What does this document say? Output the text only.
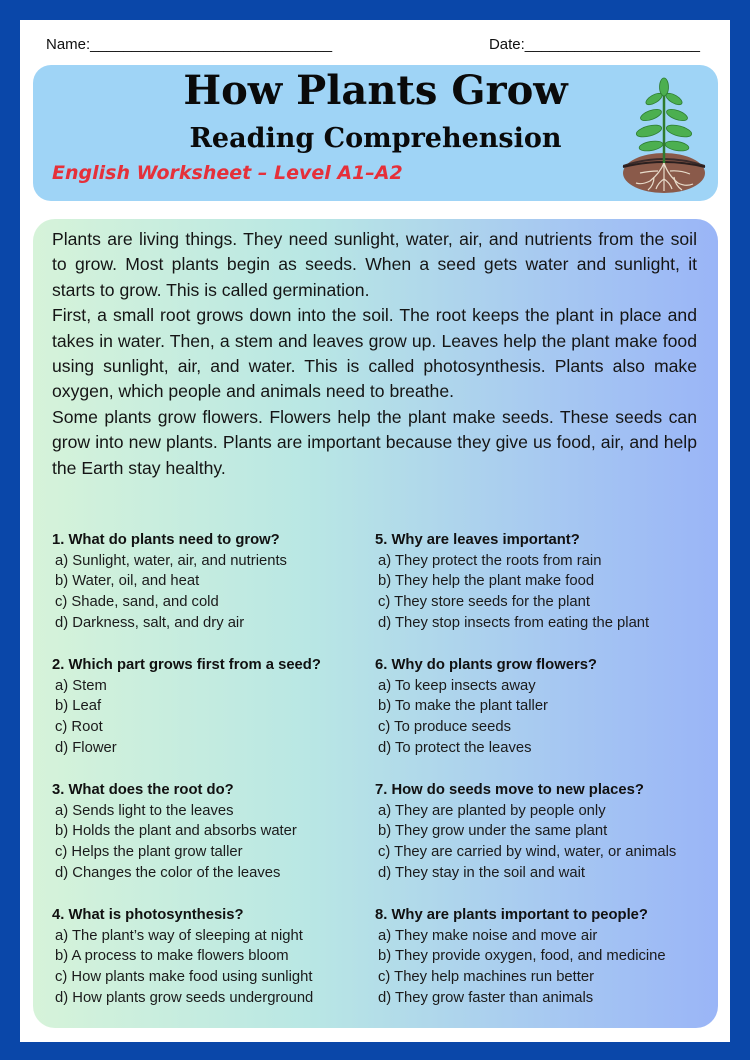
Name:_____________________________	Date:_____________________
How Plants Grow
Reading Comprehension
English Worksheet – Level A1–A2

Plants are living things. They need sunlight, water, air, and nutrients from the soil to grow. Most plants begin as seeds. When a seed gets water and sunlight, it starts to grow. This is called germination.

First, a small root grows down into the soil. The root keeps the plant in place and takes in water. Then, a stem and leaves grow up. Leaves help the plant make food using sunlight, air, and water. This is called photosynthesis. Plants also make oxygen, which people and animals need to breathe.

Some plants grow flowers. Flowers help the plant make seeds. These seeds can grow into new plants. Plants are important because they give us food, air, and help the Earth stay healthy.

1. What do plants need to grow?
a) Sunlight, water, air, and nutrients
b) Water, oil, and heat
c) Shade, sand, and cold
d) Darkness, salt, and dry air
2. Which part grows first from a seed?
a) Stem
b) Leaf
c) Root
d) Flower
3. What does the root do?
a) Sends light to the leaves
b) Holds the plant and absorbs water
c) Helps the plant grow taller
d) Changes the color of the leaves
4. What is photosynthesis?
a) The plant’s way of sleeping at night
b) A process to make flowers bloom
c) How plants make food using sunlight
d) How plants grow seeds underground
5. Why are leaves important?
a) They protect the roots from rain
b) They help the plant make food
c) They store seeds for the plant
d) They stop insects from eating the plant
6. Why do plants grow flowers?
a) To keep insects away
b) To make the plant taller
c) To produce seeds
d) To protect the leaves
7. How do seeds move to new places?
a) They are planted by people only
b) They grow under the same plant
c) They are carried by wind, water, or animals
d) They stay in the soil and wait
8. Why are plants important to people?
a) They make noise and move air
b) They provide oxygen, food, and medicine
c) They help machines run better
d) They grow faster than animals
